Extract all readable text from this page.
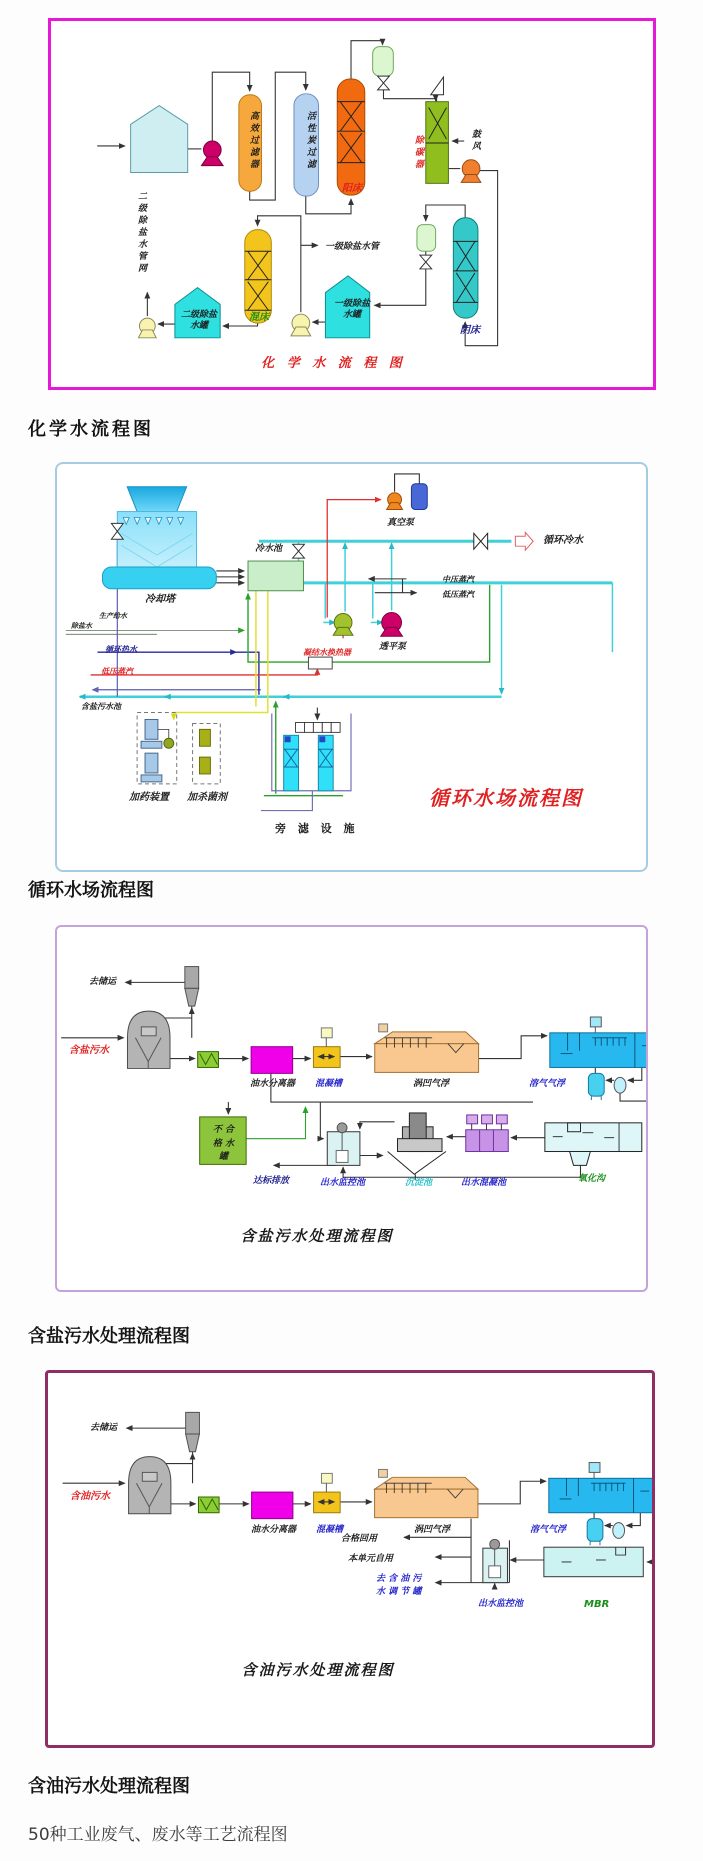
二级除盐水管网
高效过滤器	活性炭过滤
阳床
除碳器	鼓风
混床
二级除盐
水罐
一级除盐水管
一级除盐
水罐
阴床
化 学 水 流 程 图
化学水流程图
冷却塔
冷水池
真空泵
循环冷水
中压蒸汽
低压蒸汽
透平泵
凝结水换热器
生产给水
除盐水
循环热水
低压蒸汽
含盐污水池
加药装置 加杀菌剂
旁 滤 设 施
循环水场流程图
循环水场流程图
去储运
含盐污水
油水分离器 混凝槽	涡凹气浮	溶气气浮
不 合
格 水
罐
达标排放	出水监控池	沉淀池	出水混凝池	氧化沟
含盐污水处理流程图
含盐污水处理流程图
去储运
含油污水
油水分离器 混凝槽	涡凹气浮	溶气气浮
合格回用
本单元自用
去 含 油 污
水 调 节 罐
出水监控池	MBR
含油污水处理流程图
含油污水处理流程图
50种工业废气、废水等工艺流程图
